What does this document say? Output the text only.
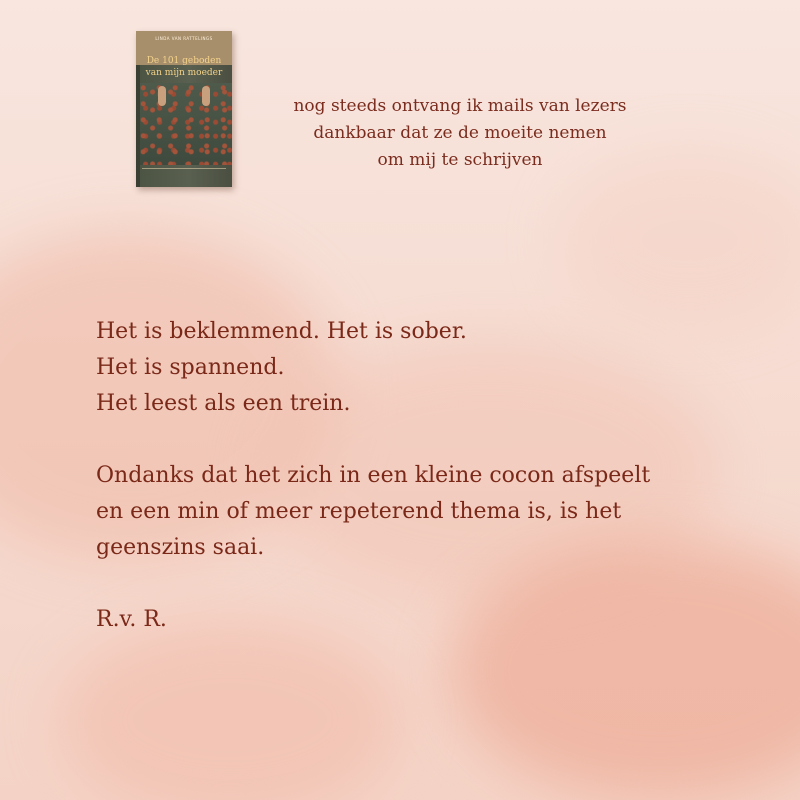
LINDA VAN RATTELINGS
De 101 geboden
van mijn moeder
nog steeds ontvang ik mails van lezers
dankbaar dat ze de moeite nemen
om mij te schrijven
Het is beklemmend. Het is sober.
Het is spannend.
Het leest als een trein.
Ondanks dat het zich in een kleine cocon afspeelt
en een min of meer repeterend thema is, is het
geenszins saai.
R.v. R.
